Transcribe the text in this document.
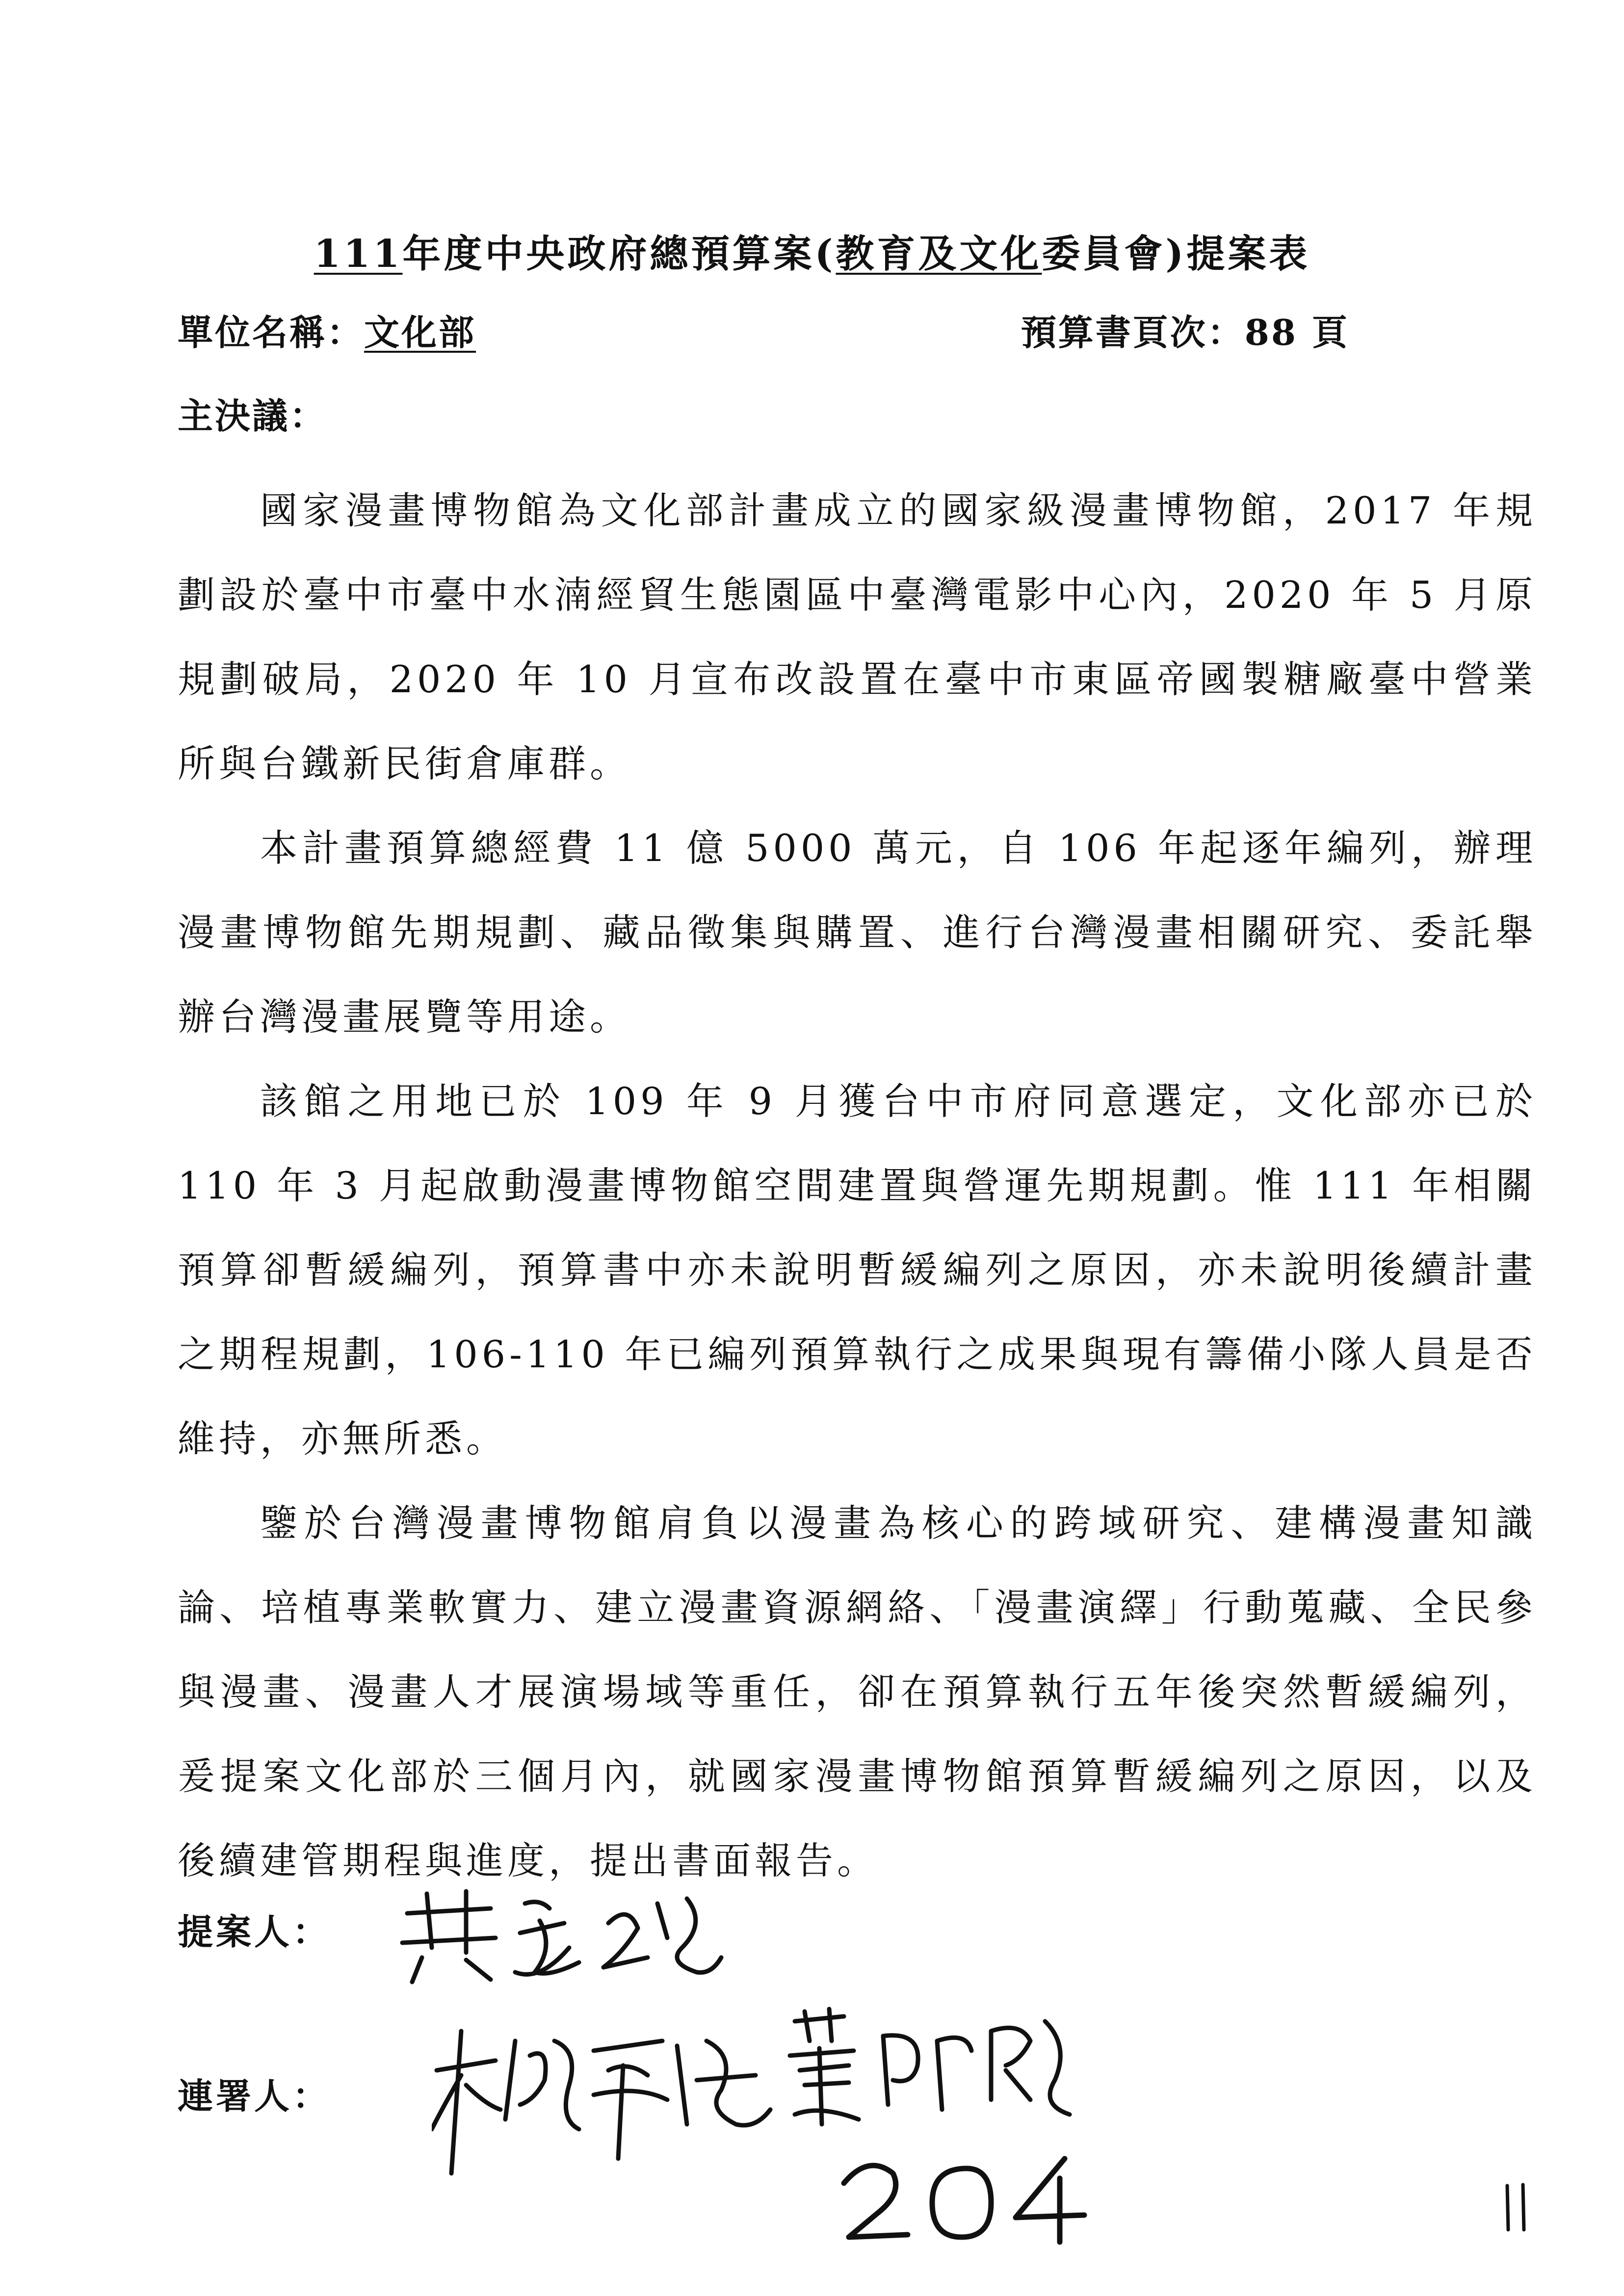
111年度中央政府總預算案(教育及文化委員會)提案表
單位名稱：文化部	預算書頁次：88 頁
主決議：

國家漫畫博物館為文化部計畫成立的國家級漫畫博物館，2017 年規劃設於臺中市臺中水湳經貿生態園區中臺灣電影中心內，2020 年 5 月原規劃破局，2020 年 10 月宣布改設置在臺中市東區帝國製糖廠臺中營業所與台鐵新民街倉庫群。

本計畫預算總經費 11 億 5000 萬元，自 106 年起逐年編列，辦理漫畫博物館先期規劃、藏品徵集與購置、進行台灣漫畫相關研究、委託舉辦台灣漫畫展覽等用途。

該館之用地已於 109 年 9 月獲台中市府同意選定，文化部亦已於 110 年 3 月起啟動漫畫博物館空間建置與營運先期規劃。惟 111 年相關預算卻暫緩編列，預算書中亦未說明暫緩編列之原因，亦未說明後續計畫之期程規劃，106-110 年已編列預算執行之成果與現有籌備小隊人員是否維持，亦無所悉。

鑒於台灣漫畫博物館肩負以漫畫為核心的跨域研究、建構漫畫知識論、培植專業軟實力、建立漫畫資源網絡、「漫畫演繹」行動蒐藏、全民參與漫畫、漫畫人才展演場域等重任，卻在預算執行五年後突然暫緩編列，爰提案文化部於三個月內，就國家漫畫博物館預算暫緩編列之原因，以及後續建管期程與進度，提出書面報告。

提案人：
連署人：
